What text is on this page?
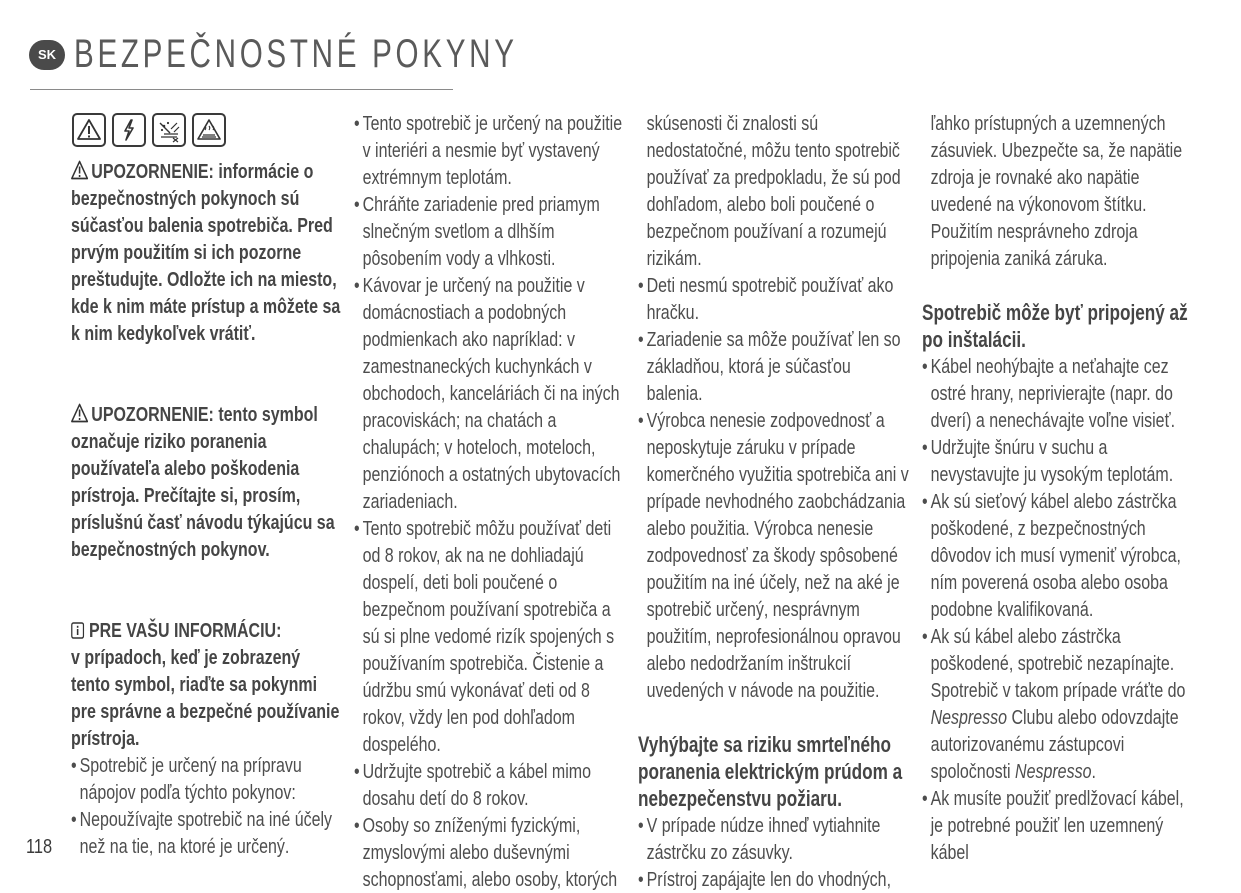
SK BEZPEČNOSTNÉ POKYNY

UPOZORNENIE: informácie o bezpečnostných pokynoch sú súčasťou balenia spotrebiča. Pred prvým použitím si ich pozorne preštudujte. Odložte ich na miesto, kde k nim máte prístup a môžete sa k nim kedykoľvek vrátiť.

UPOZORNENIE: tento symbol označuje riziko poranenia používateľa alebo poškodenia prístroja. Prečítajte si, prosím, príslušnú časť návodu týkajúcu sa bezpečnostných pokynov.

PRE VAŠU INFORMÁCIU:

v prípadoch, keď je zobrazený tento symbol, riaďte sa pokynmi pre správne a bezpečné používanie prístroja.

• Spotrebič je určený na prípravu nápojov podľa týchto pokynov:
• Nepoužívajte spotrebič na iné účely než na tie, na ktoré je určený.
• Tento spotrebič je určený na použitie v interiéri a nesmie byť vystavený extrémnym teplotám.
• Chráňte zariadenie pred priamym slnečným svetlom a dlhším pôsobením vody a vlhkosti.
• Kávovar je určený na použitie v domácnostiach a podobných podmienkach ako napríklad: v zamestnaneckých kuchynkách v obchodoch, kanceláriách či na iných pracoviskách; na chatách a chalupách; v hoteloch, moteloch, penziónoch a ostatných ubytovacích zariadeniach.
• Tento spotrebič môžu používať deti od 8 rokov, ak na ne dohliadajú dospelí, deti boli poučené o bezpečnom používaní spotrebiča a sú si plne vedomé rizík spojených s používaním spotrebiča. Čistenie a údržbu smú vykonávať deti od 8 rokov, vždy len pod dohľadom dospelého.
• Udržujte spotrebič a kábel mimo dosahu detí do 8 rokov.
• Osoby so zníženými fyzickými, zmyslovými alebo duševnými schopnosťami, alebo osoby, ktorých

skúsenosti či znalosti sú nedostatočné, môžu tento spotrebič používať za predpokladu, že sú pod dohľadom, alebo boli poučené o bezpečnom používaní a rozumejú rizikám.

• Deti nesmú spotrebič používať ako hračku.
• Zariadenie sa môže používať len so základňou, ktorá je súčasťou balenia.
• Výrobca nenesie zodpovednosť a neposkytuje záruku v prípade komerčného využitia spotrebiča ani v prípade nevhodného zaobchádzania alebo použitia. Výrobca nenesie zodpovednosť za škody spôsobené použitím na iné účely, než na aké je spotrebič určený, nesprávnym použitím, neprofesionálnou opravou alebo nedodržaním inštrukcií uvedených v návode na použitie.

Vyhýbajte sa riziku smrteľného poranenia elektrickým prúdom a nebezpečenstvu požiaru.

• V prípade núdze ihneď vytiahnite zástrčku zo zásuvky.
• Prístroj zapájajte len do vhodných,

ľahko prístupných a uzemnených zásuviek. Ubezpečte sa, že napätie zdroja je rovnaké ako napätie uvedené na výkonovom štítku. Použitím nesprávneho zdroja pripojenia zaniká záruka.

Spotrebič môže byť pripojený až po inštalácii.

• Kábel neohýbajte a neťahajte cez ostré hrany, neprivierajte (napr. do dverí) a nenechávajte voľne visieť.
• Udržujte šnúru v suchu a nevystavujte ju vysokým teplotám.
• Ak sú sieťový kábel alebo zástrčka poškodené, z bezpečnostných dôvodov ich musí vymeniť výrobca, ním poverená osoba alebo osoba podobne kvalifikovaná.
• Ak sú kábel alebo zástrčka poškodené, spotrebič nezapínajte. Spotrebič v takom prípade vráťte do Nespresso Clubu alebo odovzdajte autorizovanému zástupcovi spoločnosti Nespresso.
• Ak musíte použiť predlžovací kábel, je potrebné použiť len uzemnený kábel
118
